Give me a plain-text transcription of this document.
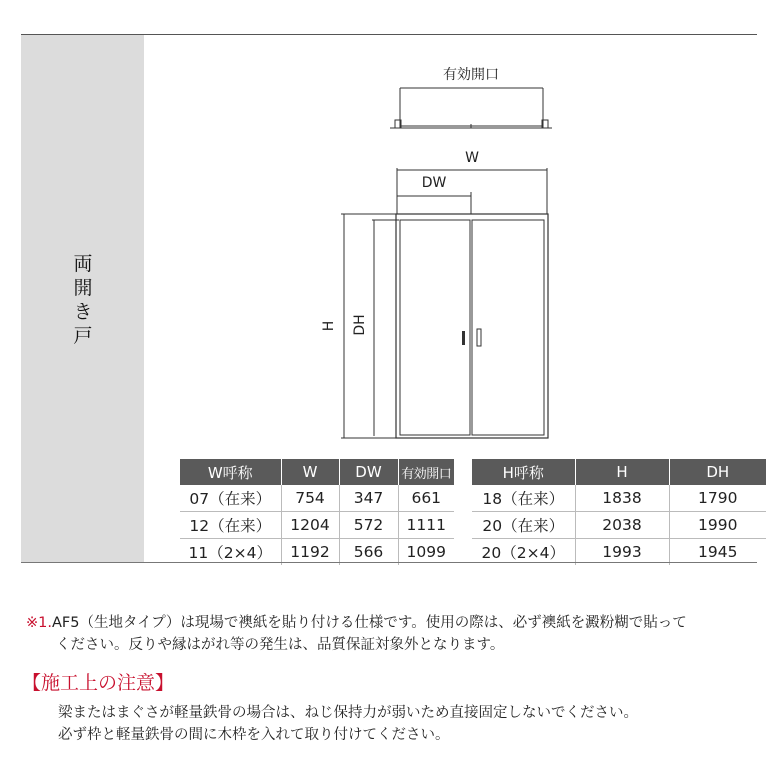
両
開
き
戸
有効開口
W
DW
H DH
W呼称	W	DW	有効開口
07（在来）	754	347	661
12（在来）	1204	572	1111
11（2×4）	1192	566	1099
H呼称	H	DH
18（在来）	1838	1790
20（在来）	2038	1990
20（2×4）	1993	1945
※1.AF5（生地タイプ）は現場で襖紙を貼り付ける仕様です。使用の際は、必ず襖紙を澱粉糊で貼って
ください。反りや縁はがれ等の発生は、品質保証対象外となります。
【施工上の注意】
梁またはまぐさが軽量鉄骨の場合は、ねじ保持力が弱いため直接固定しないでください。
必ず枠と軽量鉄骨の間に木枠を入れて取り付けてください。
